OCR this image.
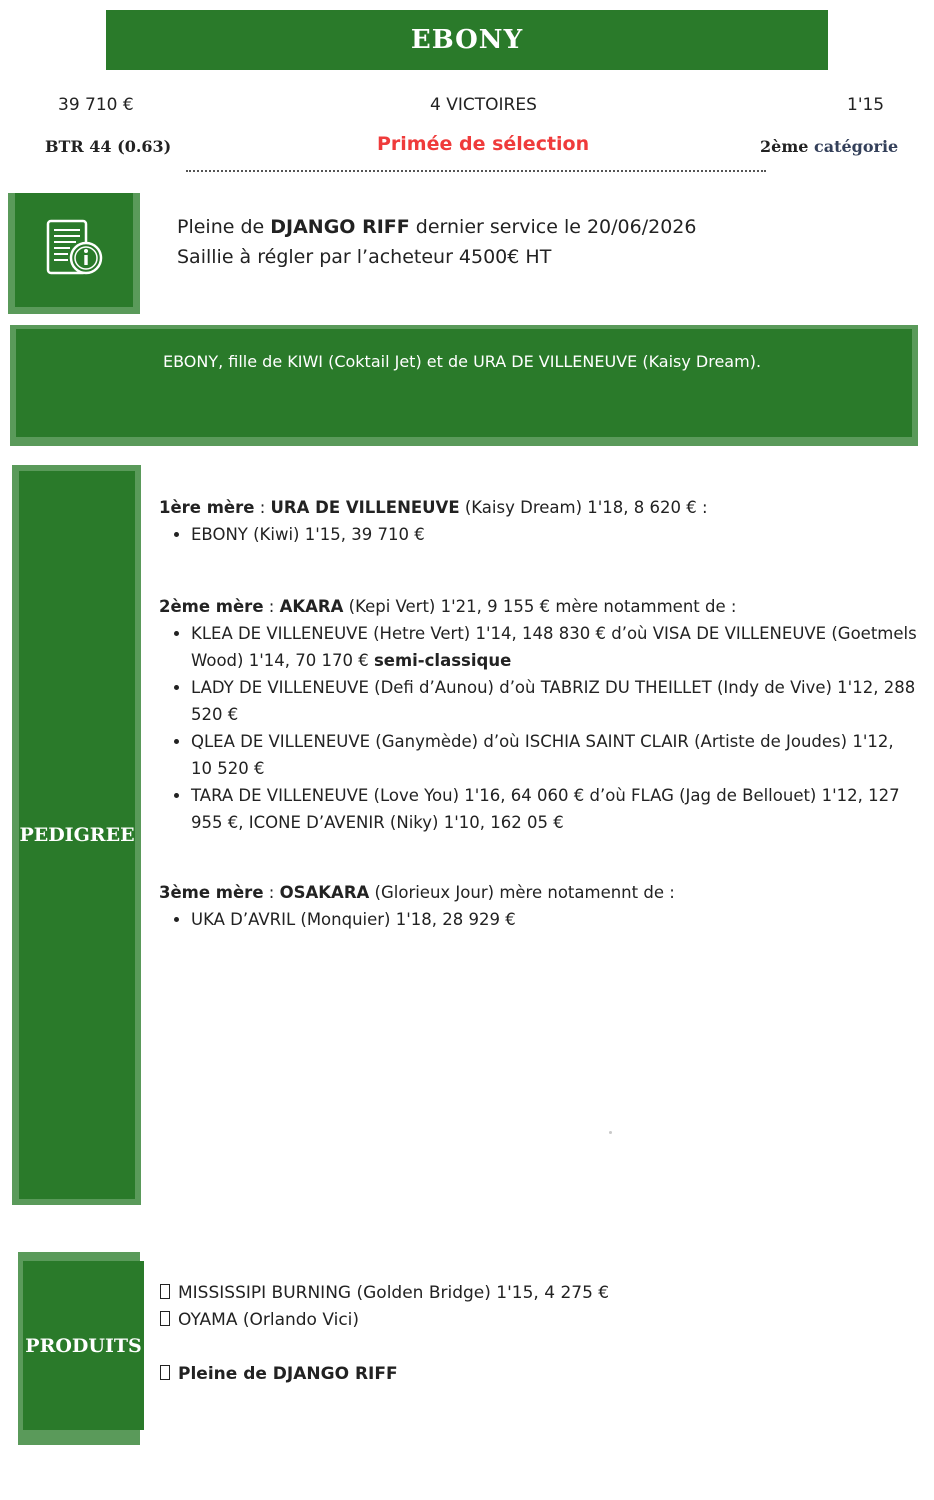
EBONY
39 710 €	4 VICTOIRES	1'15
BTR 44 (0.63)	Primée de sélection	2ème catégorie
Pleine de DJANGO RIFF dernier service le 20/06/2026
Saillie à régler par l’acheteur 4500€ HT
EBONY, fille de KIWI (Coktail Jet) et de URA DE VILLENEUVE (Kaisy Dream).
PEDIGREE
1ère mère : URA DE VILLENEUVE (Kaisy Dream) 1'18, 8 620 € :
• EBONY (Kiwi) 1'15, 39 710 €
2ème mère : AKARA (Kepi Vert) 1'21, 9 155 € mère notamment de :
• KLEA DE VILLENEUVE (Hetre Vert) 1'14, 148 830 € d’où VISA DE VILLENEUVE (Goetmels Wood) 1'14, 70 170 € semi-classique
• LADY DE VILLENEUVE (Defi d’Aunou) d’où TABRIZ DU THEILLET (Indy de Vive) 1'12, 288 520 €
• QLEA DE VILLENEUVE (Ganymède) d’où ISCHIA SAINT CLAIR (Artiste de Joudes) 1'12, 10 520 €
• TARA DE VILLENEUVE (Love You) 1'16, 64 060 € d’où FLAG (Jag de Bellouet) 1'12, 127 955 €, ICONE D’AVENIR (Niky) 1'10, 162 05 €
3ème mère : OSAKARA (Glorieux Jour) mère notamennt de :
• UKA D’AVRIL (Monquier) 1'18, 28 929 €
PRODUITS
MISSISSIPI BURNING (Golden Bridge) 1'15, 4 275 €
OYAMA (Orlando Vici)
Pleine de DJANGO RIFF
